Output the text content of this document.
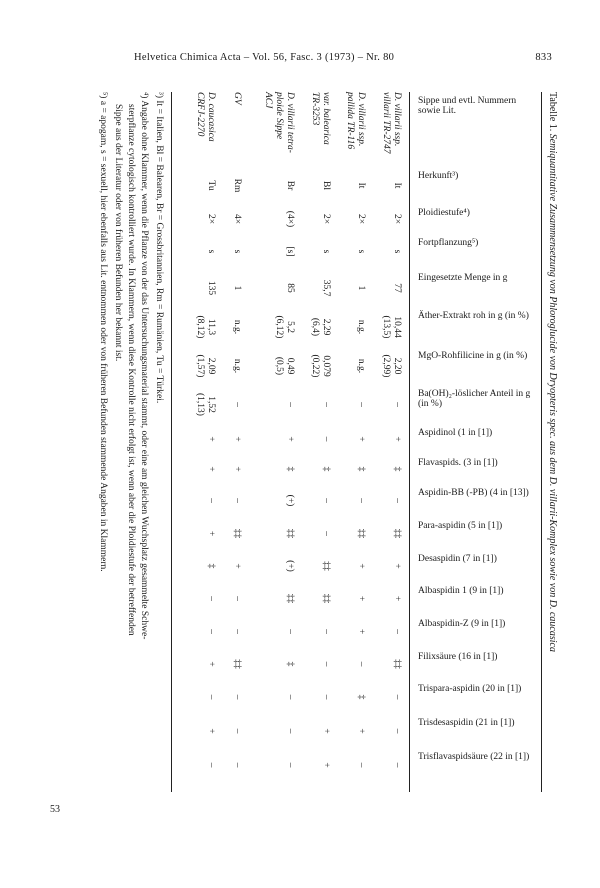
Helvetica Chimica Acta – Vol. 56, Fasc. 3 (1973) – Nr. 80	833
53
Tabelle 1. Semiquantitative Zusammensetzung von Phloroglucide von Dryopteris spec. aus dem D. villarii-Komplex sowie von D. caucasica
Sippe und evtl. Nummern sowie Lit.
Herkunft³)
Ploidiestufe⁴)
Fortpflanzung⁵)
Eingesetzte Menge in g
Äther-Extrakt roh in g (in %)
MgO-Rohfilicine in g (in %)
Ba(OH)₂-löslicher Anteil in g (in %)
Aspidinol (1 in [1])
Flavaspids. (3 in [1])
Aspidin-BB (-PB) (4 in [13])
Para-aspidin (5 in [1])
Desaspidin (7 in [1])
Albaspidin 1 (9 in [1])
Albaspidin-Z (9 in [1])
Filixsäure (16 in [1])
Trispara-aspidin (20 in [1])
Trisdesaspidin (21 in [1])
Trisflavaspidsäure (22 in [1])
D. villarii ssp.
villarii TR-2747
It
2×
s
77
10,44
(13,5)
2,20
(2,99)
–
+
‡
–
‡‡
+
+
–
‡‡
–
–
–
D. villarii ssp.
pallida TR-116
It
2×
s
1
n.g.
n.g.
–
+
‡
–
‡‡
+
+
+
–
‡
+
–
var. balearica
TR-3253
Bl
2×
s
35,7
2,29
(6,4)
0,079
(0,22)
–
–
‡
–
–
‡‡
‡‡
–
–
–
+
+
D. villarii tetra-
ploide Sippe
ACJ
Br
(4×)
[s]
85
5,2
(6,12)
0,49
(0,5)
–
+
‡
(+)
‡‡
(+)
‡‡
–
‡
–
–
–
GV
Rm
4×
s
1
n.g.
n.g.
–
+
+
–
‡‡
+
–
–
‡‡
–
–
–
D. caucasica
CRFJ-2270
Tu
2×
s
135
11,3
(8,12)
2,09
(1,57)
1,52
(1,13)
+
+
–
+
‡
–
–
+
–
+
–
³) It = Italien, Bl = Balearen, Br = Grossbritannien, Rm = Rumänien, Tu = Türkei.
⁴) Angabe ohne Klammer, wenn die Pflanze von der das Untersuchungsmaterial stammt, oder eine am gleichen Wuchsplatz gesammelte Schwe-
sterpflanze cytologisch kontrolliert wurde. In Klammern, wenn diese Kontrolle nicht erfolgt ist, wenn aber die Ploidiestufe der betreffenden
Sippe aus der Literatur oder von früheren Befunden her bekannt ist.
⁵) a = apogam, s = sexuell, hier ebenfalls aus Lit. entnommen oder von früheren Befunden stammende Angaben in Klammern.
